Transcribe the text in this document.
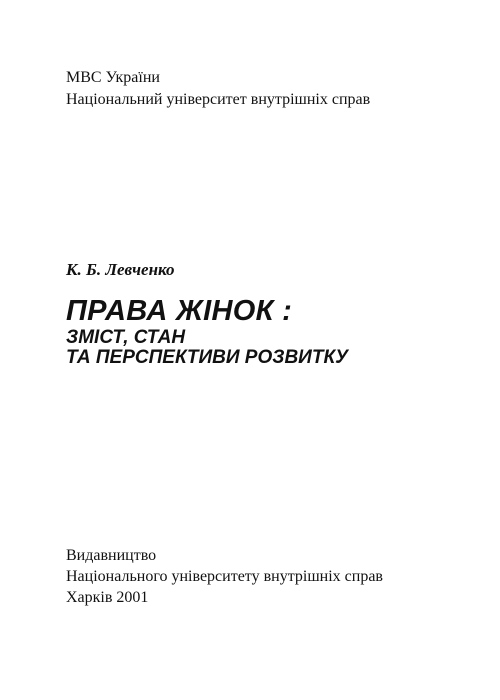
МВС України
Національний університет внутрішніх справ
К. Б. Левченко
ПРАВА ЖІНОК :
ЗМІСТ, СТАН
ТА ПЕРСПЕКТИВИ РОЗВИТКУ
Видавництво
Національного університету внутрішніх справ
Харків 2001
